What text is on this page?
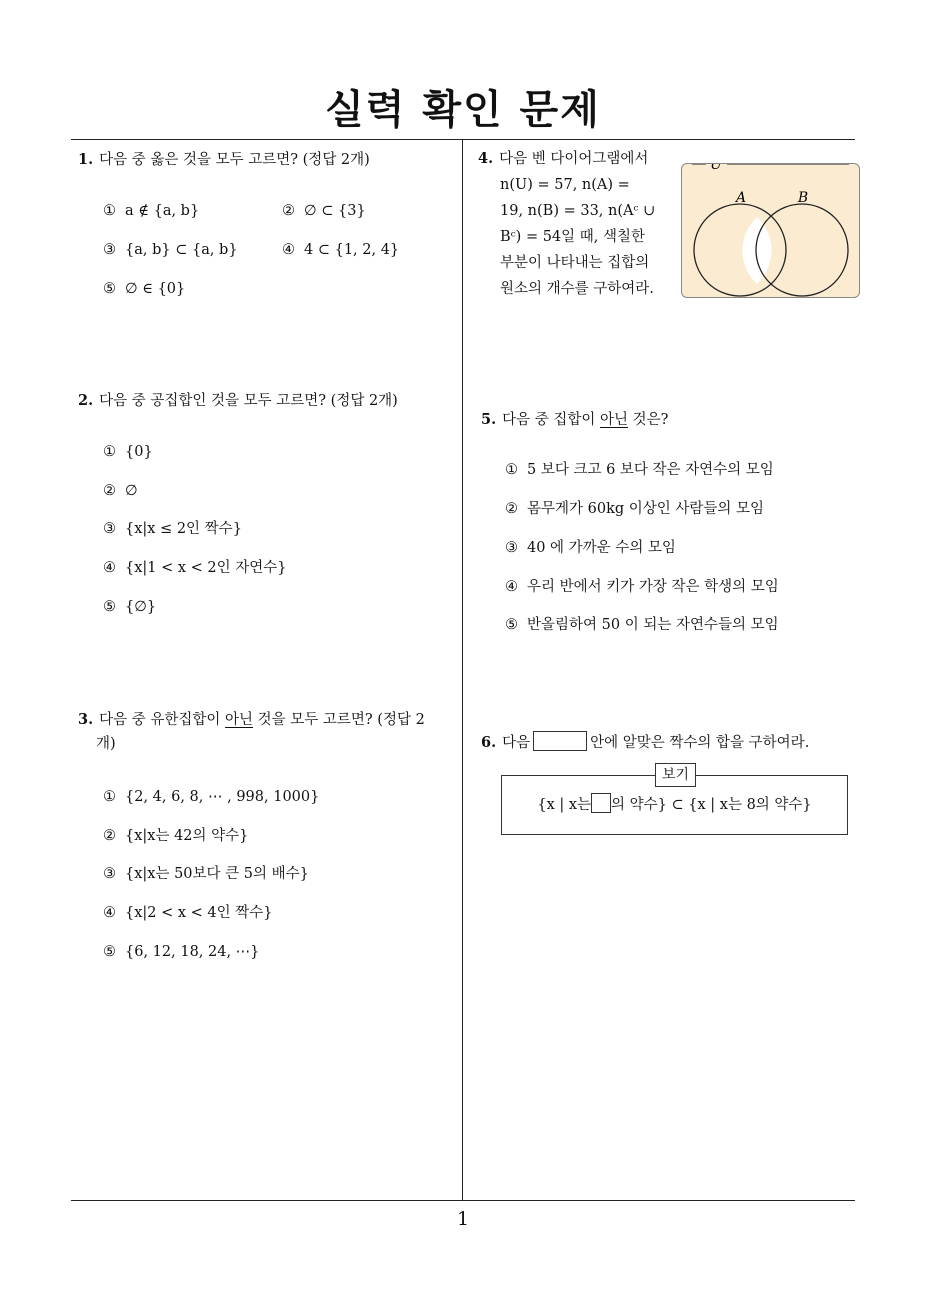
실력 확인 문제
1. 다음 중 옳은 것을 모두 고르면? (정답 2개)
① a ∉ {a, b}	② ∅ ⊂ {3}
③ {a, b} ⊂ {a, b}	④ 4 ⊂ {1, 2, 4}
⑤ ∅ ∈ {0}
2. 다음 중 공집합인 것을 모두 고르면? (정답 2개)
① {0}
② ∅
③ {x|x ≤ 2인 짝수}
④ {x|1 < x < 2인 자연수}
⑤ {∅}
3. 다음 중 유한집합이 아닌 것을 모두 고르면? (정답 2
개)
① {2, 4, 6, 8, ⋯ , 998, 1000}
② {x|x는 42의 약수}
③ {x|x는 50보다 큰 5의 배수}
④ {x|2 < x < 4인 짝수}
⑤ {6, 12, 18, 24, ⋯}
4. 다음 벤 다이어그램에서
n(U) = 57, n(A) =
19, n(B) = 33, n(Aᶜ ∪
Bᶜ) = 54일 때, 색칠한
부분이 나타내는 집합의
원소의 개수를 구하여라.
U
A	B
5. 다음 중 집합이 아닌 것은?
① 5 보다 크고 6 보다 작은 자연수의 모임
② 몸무게가 60kg 이상인 사람들의 모임
③ 40 에 가까운 수의 모임
④ 우리 반에서 키가 가장 작은 학생의 모임
⑤ 반올림하여 50 이 되는 자연수들의 모임
6. 다음	안에 알맞은 짝수의 합을 구하여라.
보기
{x | x는 의 약수} ⊂ {x | x는 8의 약수}
1
